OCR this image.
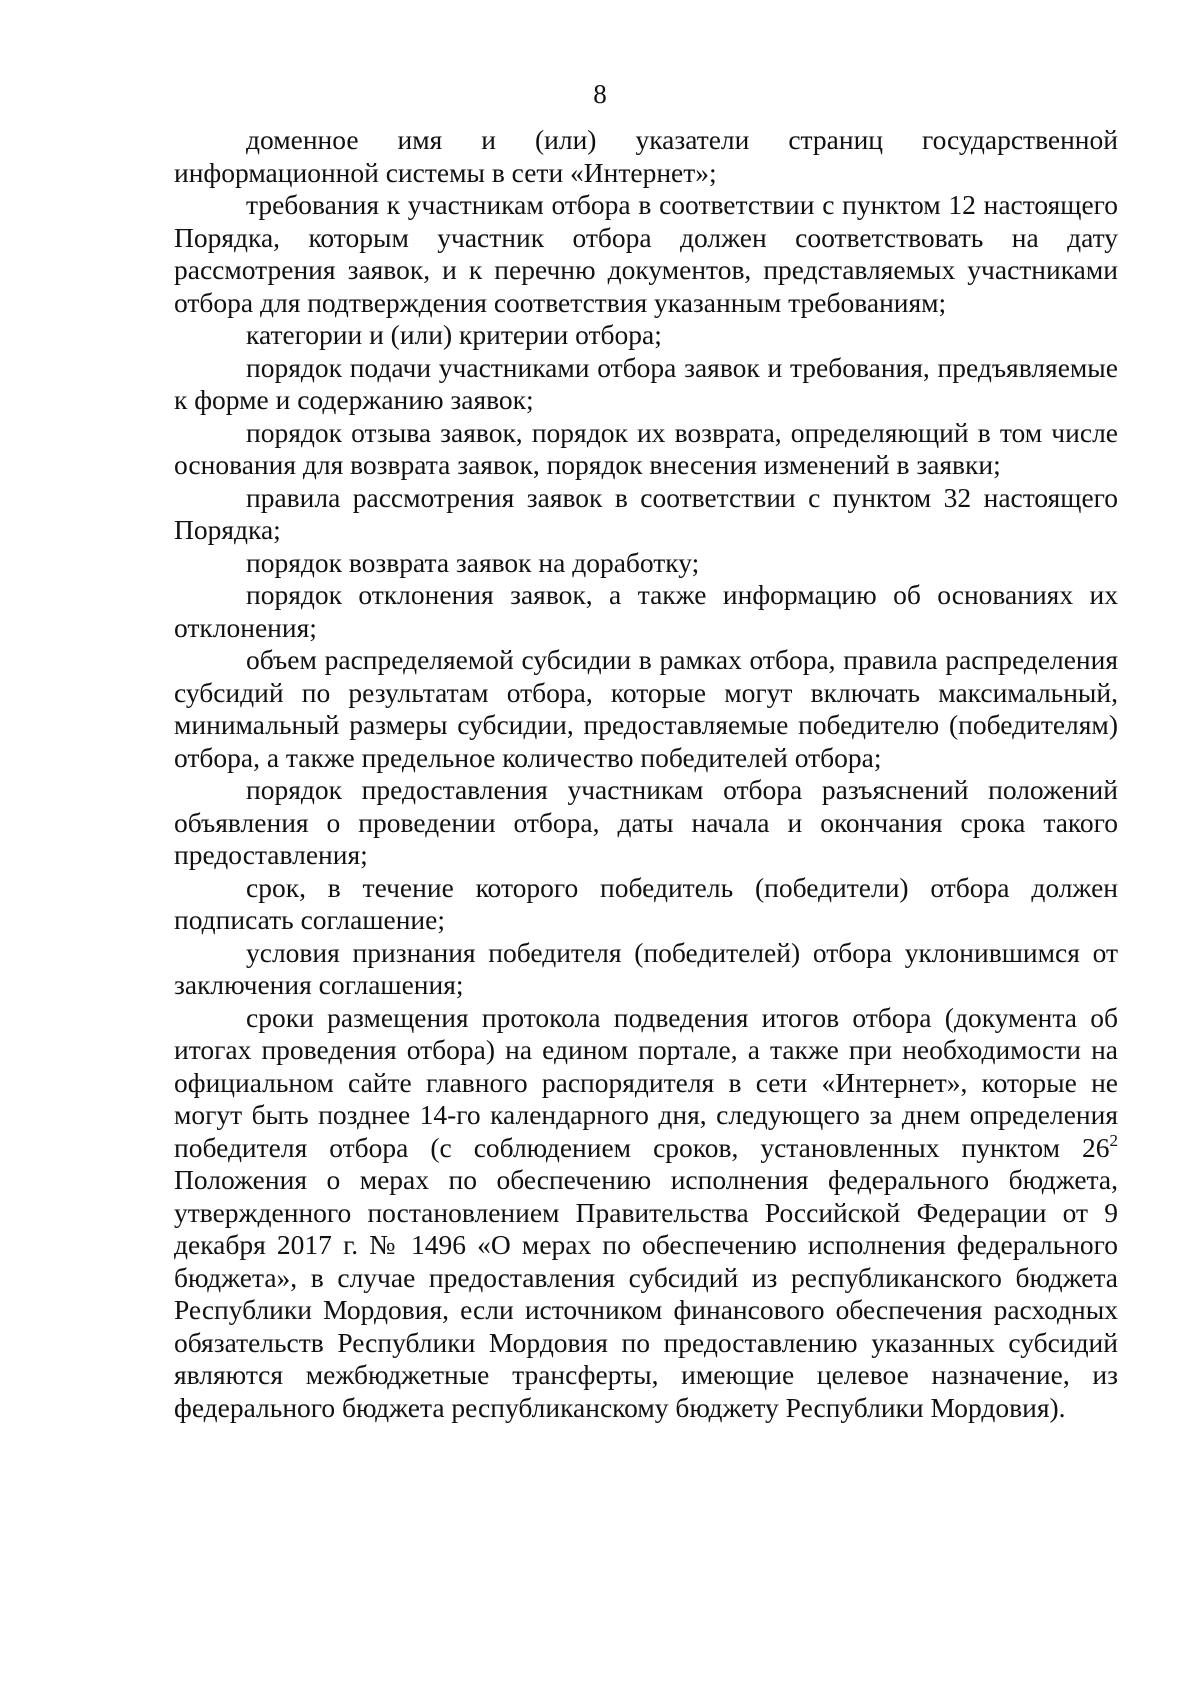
8

доменное имя и (или) указатели страниц государственной информационной системы в сети «Интернет»;

требования к участникам отбора в соответствии с пунктом 12 настоящего Порядка, которым участник отбора должен соответствовать на дату рассмотрения заявок, и к перечню документов, представляемых участниками отбора для подтверждения соответствия указанным требованиям;

категории и (или) критерии отбора;

порядок подачи участниками отбора заявок и требования, предъявляемые к форме и содержанию заявок;

порядок отзыва заявок, порядок их возврата, определяющий в том числе основания для возврата заявок, порядок внесения изменений в заявки;

правила рассмотрения заявок в соответствии с пунктом 32 настоящего Порядка;

порядок возврата заявок на доработку;

порядок отклонения заявок, а также информацию об основаниях их отклонения;

объем распределяемой субсидии в рамках отбора, правила распределения субсидий по результатам отбора, которые могут включать максимальный, минимальный размеры субсидии, предоставляемые победителю (победителям) отбора, а также предельное количество победителей отбора;

порядок предоставления участникам отбора разъяснений положений объявления о проведении отбора, даты начала и окончания срока такого предоставления;

срок, в течение которого победитель (победители) отбора должен подписать соглашение;

условия признания победителя (победителей) отбора уклонившимся от заключения соглашения;

сроки размещения протокола подведения итогов отбора (документа об итогах проведения отбора) на едином портале, а также при необходимости на официальном сайте главного распорядителя в сети «Интернет», которые не могут быть позднее 14-го календарного дня, следующего за днем определения победителя отбора (с соблюдением сроков, установленных пунктом $26^2$ Положения о мерах по обеспечению исполнения федерального бюджета, утвержденного постановлением Правительства Российской Федерации от 9 декабря 2017 г. № 1496 «О мерах по обеспечению исполнения федерального бюджета», в случае предоставления субсидий из республиканского бюджета Республики Мордовия, если источником финансового обеспечения расходных обязательств Республики Мордовия по предоставлению указанных субсидий являются межбюджетные трансферты, имеющие целевое назначение, из федерального бюджета республиканскому бюджету Республики Мордовия).
